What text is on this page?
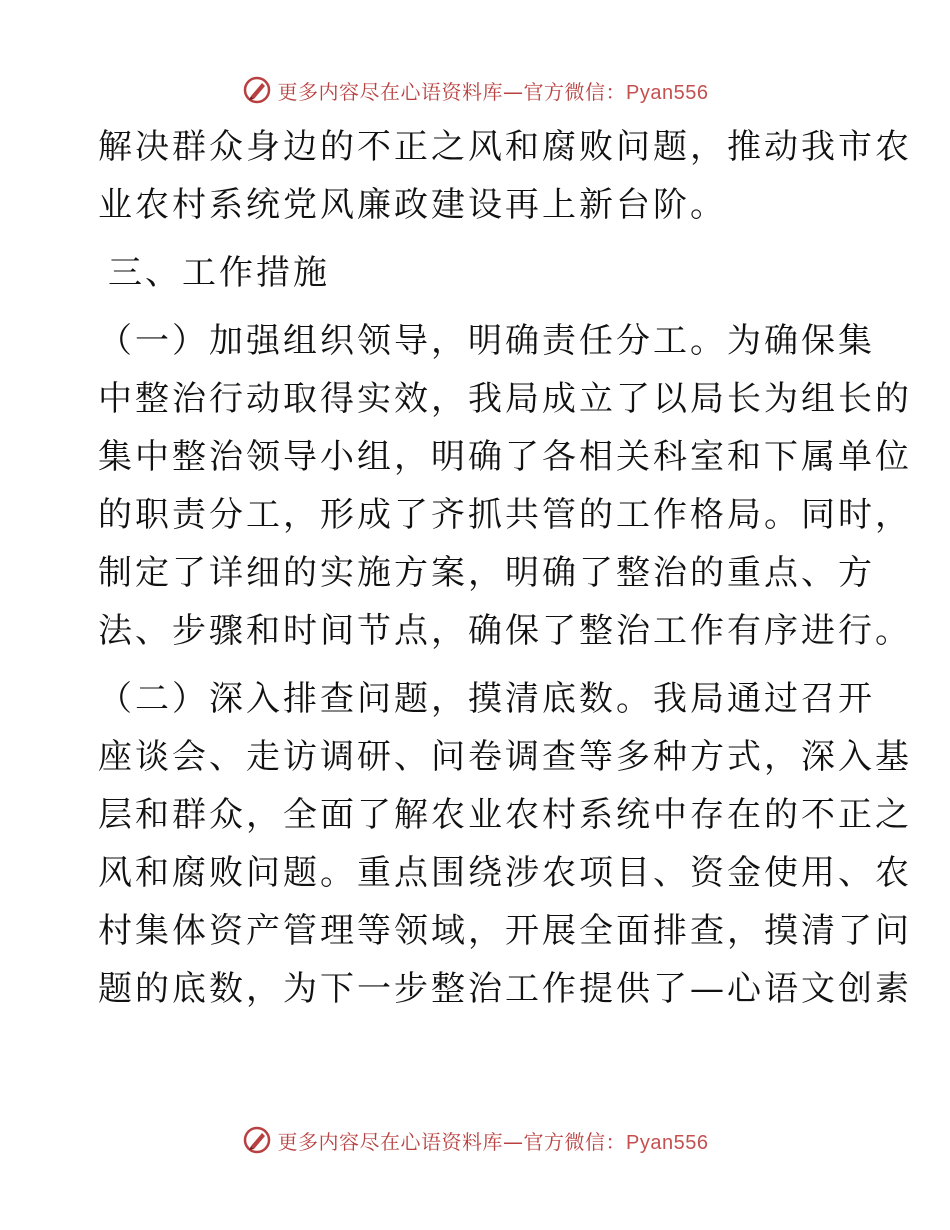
更多内容尽在心语资料库—官方微信：Pyan556

解决群众身边的不正之风和腐败问题，推动我市农
业农村系统党风廉政建设再上新台阶。

三、工作措施

（一）加强组织领导，明确责任分工。为确保集
中整治行动取得实效，我局成立了以局长为组长的
集中整治领导小组，明确了各相关科室和下属单位
的职责分工，形成了齐抓共管的工作格局。同时，
制定了详细的实施方案，明确了整治的重点、方
法、步骤和时间节点，确保了整治工作有序进行。

（二）深入排查问题，摸清底数。我局通过召开
座谈会、走访调研、问卷调查等多种方式，深入基
层和群众，全面了解农业农村系统中存在的不正之
风和腐败问题。重点围绕涉农项目、资金使用、农
村集体资产管理等领域，开展全面排查，摸清了问
题的底数，为下一步整治工作提供了—心语文创素

更多内容尽在心语资料库—官方微信：Pyan556
